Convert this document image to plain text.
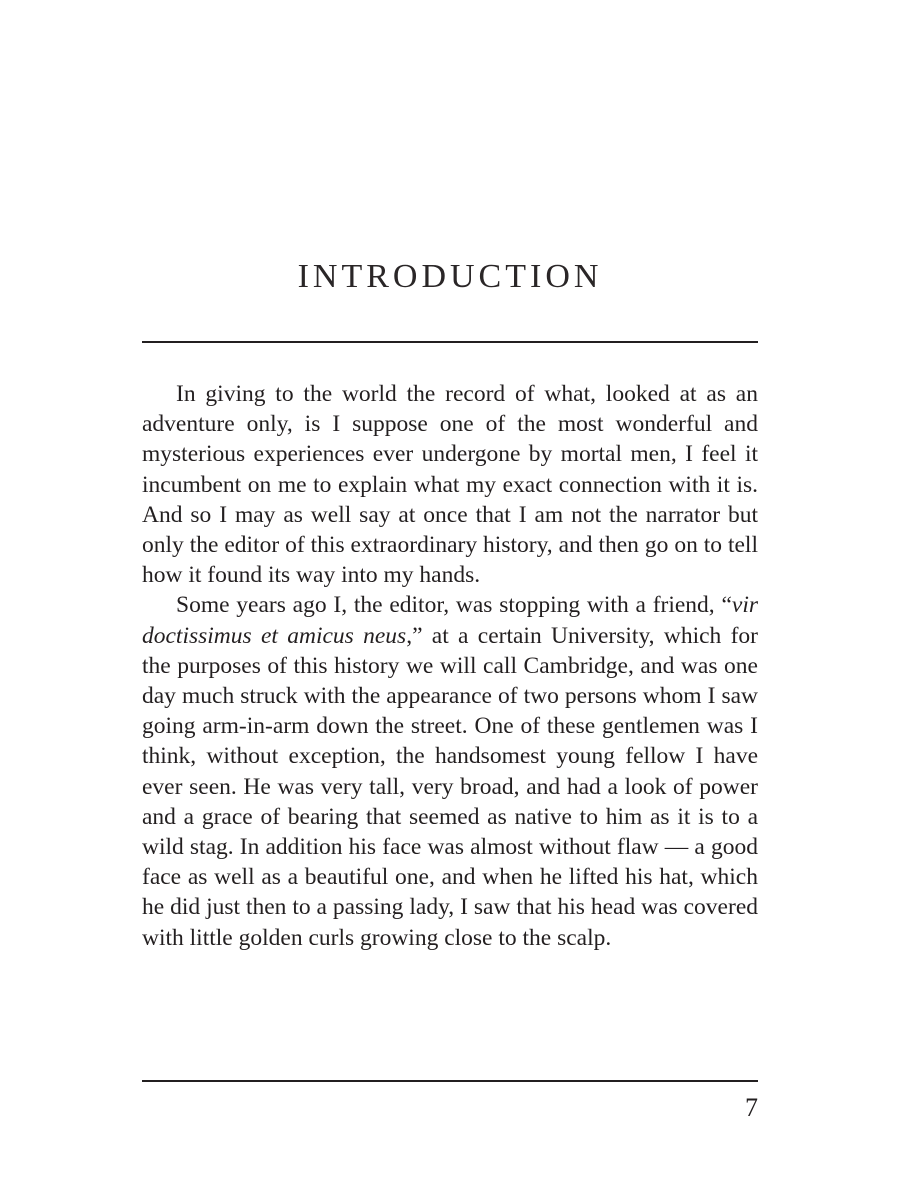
INTRODUCTION

In giving to the world the record of what, looked at as an adventure only, is I suppose one of the most wonderful and mysterious experiences ever undergone by mortal men, I feel it incumbent on me to explain what my exact connection with it is. And so I may as well say at once that I am not the narrator but only the editor of this extraordinary history, and then go on to tell how it found its way into my hands.

Some years ago I, the editor, was stopping with a friend, “vir doctissimus et amicus neus,” at a certain University, which for the purposes of this history we will call Cambridge, and was one day much struck with the appearance of two persons whom I saw going arm-in-arm down the street. One of these gentlemen was I think, without exception, the handsomest young fellow I have ever seen. He was very tall, very broad, and had a look of power and a grace of bearing that seemed as native to him as it is to a wild stag. In addition his face was almost without flaw — a good face as well as a beautiful one, and when he lifted his hat, which he did just then to a passing lady, I saw that his head was covered with little golden curls growing close to the scalp.

7
